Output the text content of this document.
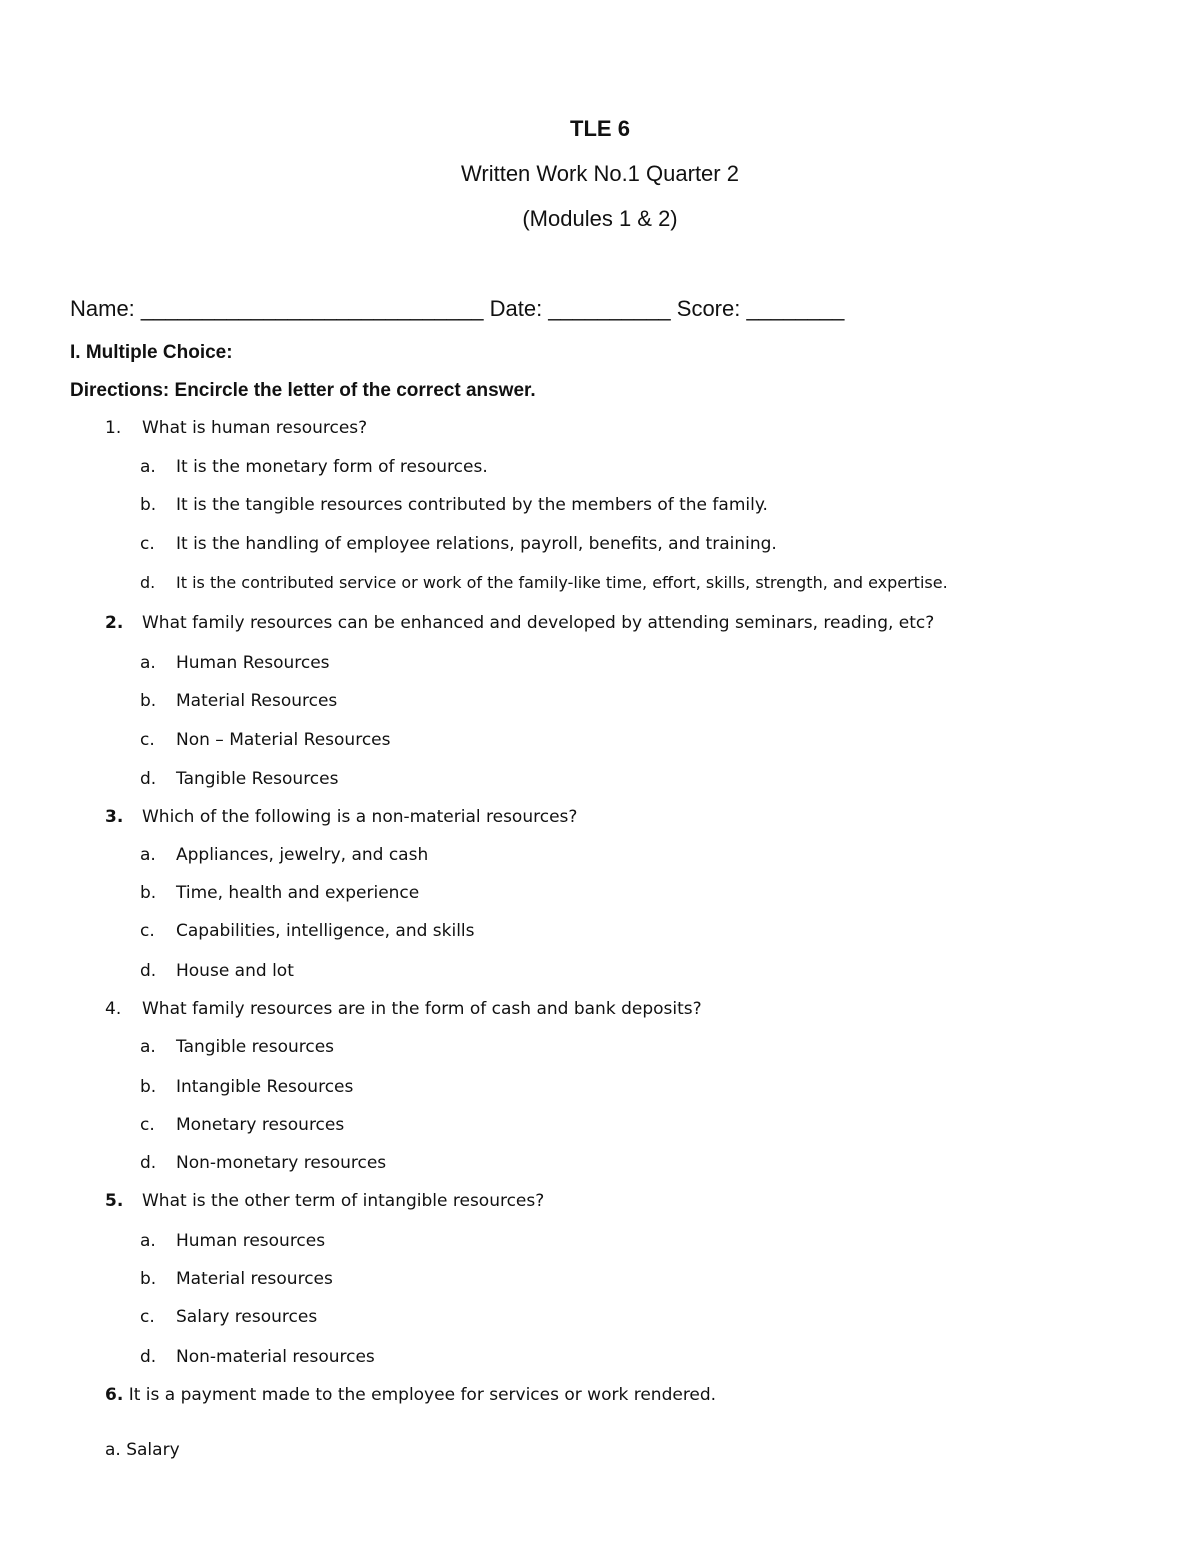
TLE 6
Written Work No.1 Quarter 2
(Modules 1 & 2)
Name: ____________________________ Date: __________ Score: ________
I. Multiple Choice:
Directions: Encircle the letter of the correct answer.
1. What is human resources?
a. It is the monetary form of resources.
b. It is the tangible resources contributed by the members of the family.
c. It is the handling of employee relations, payroll, benefits, and training.
d. It is the contributed service or work of the family-like time, effort, skills, strength, and expertise.
2. What family resources can be enhanced and developed by attending seminars, reading, etc?
a. Human Resources
b. Material Resources
c. Non – Material Resources
d. Tangible Resources
3. Which of the following is a non-material resources?
a. Appliances, jewelry, and cash
b. Time, health and experience
c. Capabilities, intelligence, and skills
d. House and lot
4. What family resources are in the form of cash and bank deposits?
a. Tangible resources
b. Intangible Resources
c. Monetary resources
d. Non-monetary resources
5. What is the other term of intangible resources?
a. Human resources
b. Material resources
c. Salary resources
d. Non-material resources
6. It is a payment made to the employee for services or work rendered.
a. Salary
